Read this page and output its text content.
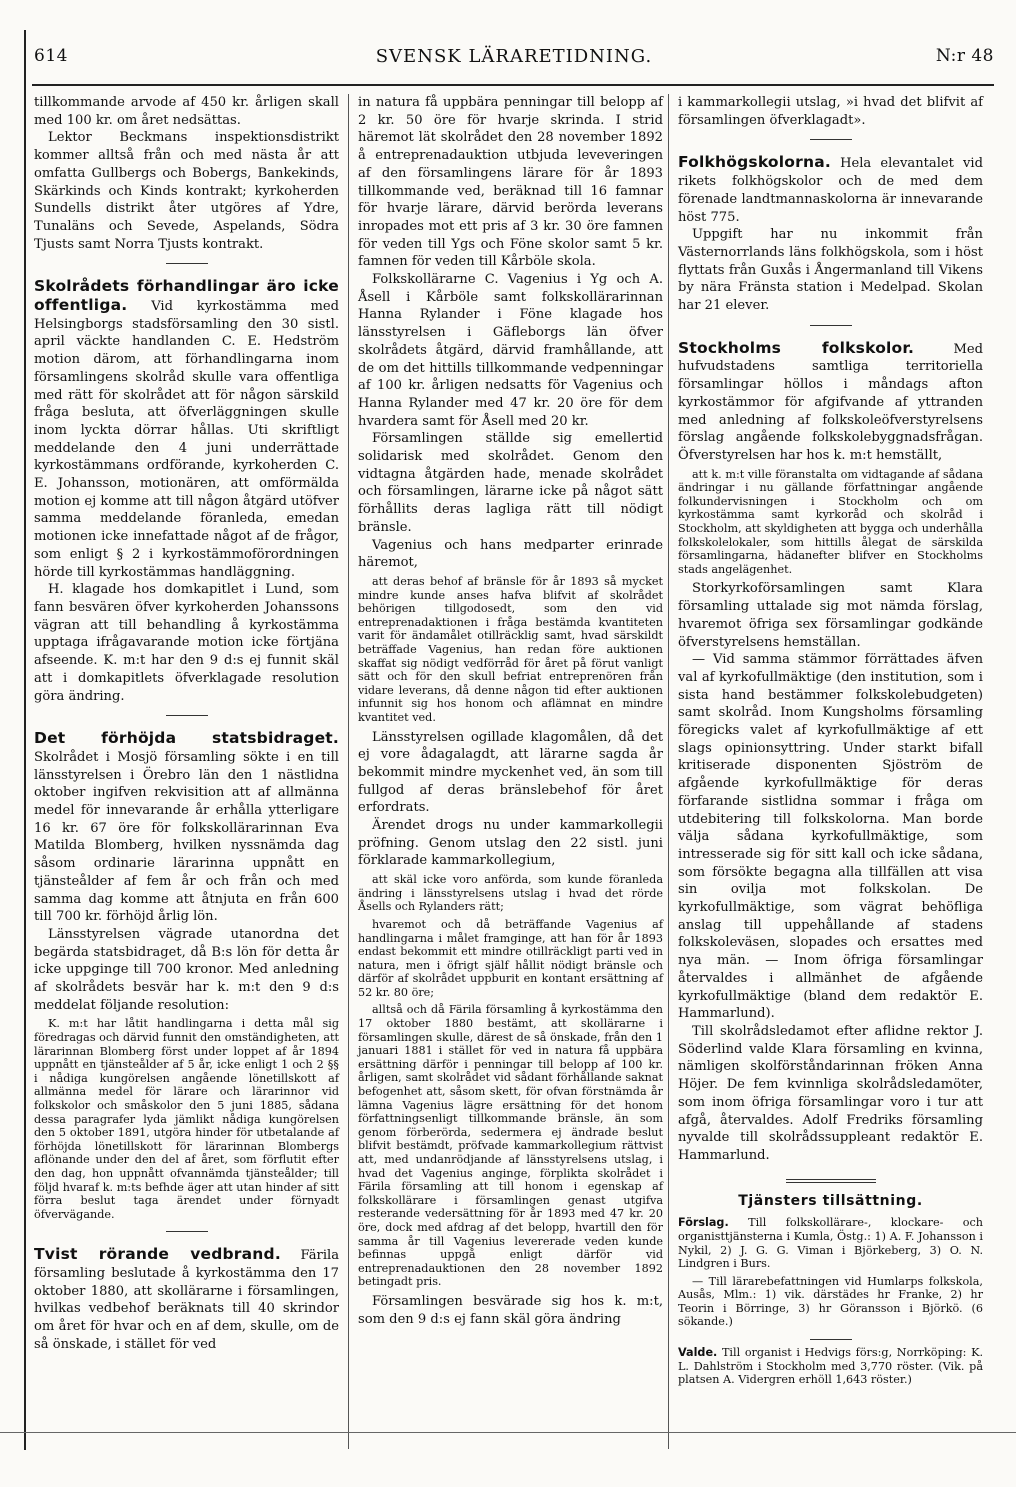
614	SVENSK LÄRARETIDNING.	N:r 48

tillkommande arvode af 450 kr. årligen skall med 100 kr. om året nedsättas.

Lektor Beckmans inspektionsdistrikt kommer alltså från och med nästa år att omfatta Gullbergs och Bobergs, Bankekinds, Skärkinds och Kinds kontrakt; kyrkoherden Sundells distrikt åter utgöres af Ydre, Tunaläns och Sevede, Aspelands, Södra Tjusts samt Norra Tjusts kontrakt.

Skolrådets förhandlingar äro icke offentliga. Vid kyrkostämma med Helsingborgs stadsförsamling den 30 sistl. april väckte handlanden C. E. Hedström motion därom, att förhandlingarna inom församlingens skolråd skulle vara offentliga med rätt för skolrådet att för någon särskild fråga besluta, att öfverläggningen skulle inom lyckta dörrar hållas. Uti skriftligt meddelande den 4 juni underrättade kyrkostämmans ordförande, kyrkoherden C. E. Johansson, motionären, att omförmälda motion ej komme att till någon åtgärd utöfver samma meddelande föranleda, emedan motionen icke innefattade något af de frågor, som enligt § 2 i kyrkostämmoförordningen hörde till kyrkostämmas handläggning.

H. klagade hos domkapitlet i Lund, som fann besvären öfver kyrkoherden Johanssons vägran att till behandling å kyrkostämma upptaga ifrågavarande motion icke förtjäna afseende. K. m:t har den 9 d:s ej funnit skäl att i domkapitlets öfverklagade resolution göra ändring.

Det förhöjda statsbidraget. Skolrådet i Mosjö församling sökte i en till länsstyrelsen i Örebro län den 1 nästlidna oktober ingifven rekvisition att af allmänna medel för innevarande år erhålla ytterligare 16 kr. 67 öre för folkskollärarinnan Eva Matilda Blomberg, hvilken nyssnämda dag såsom ordinarie lärarinna uppnått en tjänsteålder af fem år och från och med samma dag komme att åtnjuta en från 600 till 700 kr. förhöjd årlig lön.

Länsstyrelsen vägrade utanordna det begärda statsbidraget, då B:s lön för detta år icke uppginge till 700 kronor. Med anledning af skolrådets besvär har k. m:t den 9 d:s meddelat följande resolution:

K. m:t har låtit handlingarna i detta mål sig föredragas och därvid funnit den omständigheten, att lärarinnan Blomberg först under loppet af år 1894 uppnått en tjänsteålder af 5 år, icke enligt 1 och 2 §§ i nådiga kungörelsen angående lönetillskott af allmänna medel för lärare och lärarinnor vid folkskolor och småskolor den 5 juni 1885, sådana dessa paragrafer lyda jämlikt nådiga kungörelsen den 5 oktober 1891, utgöra hinder för utbetalande af förhöjda lönetillskott för lärarinnan Blombergs aflönande under den del af året, som förflutit efter den dag, hon uppnått ofvannämda tjänsteålder; till följd hvaraf k. m:ts befhde äger att utan hinder af sitt förra beslut taga ärendet under förnyadt öfvervägande.

Tvist rörande vedbrand. Färila församling beslutade å kyrkostämma den 17 oktober 1880, att skollärarne i församlingen, hvilkas vedbehof beräknats till 40 skrindor om året för hvar och en af dem, skulle, om de så önskade, i stället för ved

in natura få uppbära penningar till belopp af 2 kr. 50 öre för hvarje skrinda. I strid häremot lät skolrådet den 28 november 1892 å entreprenadauktion utbjuda leveveringen af den församlingens lärare för år 1893 tillkommande ved, beräknad till 16 famnar för hvarje lärare, därvid berörda leverans inropades mot ett pris af 3 kr. 30 öre famnen för veden till Ygs och Föne skolor samt 5 kr. famnen för veden till Kårböle skola.

Folkskollärarne C. Vagenius i Yg och A. Åsell i Kårböle samt folkskollärarinnan Hanna Rylander i Föne klagade hos länsstyrelsen i Gäfleborgs län öfver skolrådets åtgärd, därvid framhållande, att de om det hittills tillkommande vedpenningar af 100 kr. årligen nedsatts för Vagenius och Hanna Rylander med 47 kr. 20 öre för dem hvardera samt för Åsell med 20 kr.

Församlingen ställde sig emellertid solidarisk med skolrådet. Genom den vidtagna åtgärden hade, menade skolrådet och församlingen, lärarne icke på något sätt förhållits deras lagliga rätt till nödigt bränsle.

Vagenius och hans medparter erinrade häremot,

att deras behof af bränsle för år 1893 så mycket mindre kunde anses hafva blifvit af skolrådet behörigen tillgodosedt, som den vid entreprenadaktionen i fråga bestämda kvantiteten varit för ändamålet otillräcklig samt, hvad särskildt beträffade Vagenius, han redan före auktionen skaffat sig nödigt vedförråd för året på förut vanligt sätt och för den skull befriat entreprenören från vidare leverans, då denne någon tid efter auktionen infunnit sig hos honom och aflämnat en mindre kvantitet ved.

Länsstyrelsen ogillade klagomålen, då det ej vore ådagalagdt, att lärarne sagda år bekommit mindre myckenhet ved, än som till fullgod af deras bränslebehof för året erfordrats.

Ärendet drogs nu under kammarkollegii pröfning. Genom utslag den 22 sistl. juni förklarade kammarkollegium,

att skäl icke voro anförda, som kunde föranleda ändring i länsstyrelsens utslag i hvad det rörde Åsells och Rylanders rätt;

hvaremot och då beträffande Vagenius af handlingarna i målet framginge, att han för år 1893 endast bekommit ett mindre otillräckligt parti ved in natura, men i öfrigt själf hållit nödigt bränsle och därför af skolrådet uppburit en kontant ersättning af 52 kr. 80 öre;

alltså och då Färila församling å kyrkostämma den 17 oktober 1880 bestämt, att skollärarne i församlingen skulle, därest de så önskade, från den 1 januari 1881 i stället för ved in natura få uppbära ersättning därför i penningar till belopp af 100 kr. årligen, samt skolrådet vid sådant förhållande saknat befogenhet att, såsom skett, för ofvan förstnämda år lämna Vagenius lägre ersättning för det honom författningsenligt tillkommande bränsle, än som genom förberörda, sedermera ej ändrade beslut blifvit bestämdt, pröfvade kammarkollegium rättvist att, med undanrödjande af länsstyrelsens utslag, i hvad det Vagenius anginge, förplikta skolrådet i Färila församling att till honom i egenskap af folkskollärare i församlingen genast utgifva resterande vedersättning för år 1893 med 47 kr. 20 öre, dock med afdrag af det belopp, hvartill den för samma år till Vagenius levererade veden kunde befinnas uppgå enligt därför vid entreprenadauktionen den 28 november 1892 betingadt pris.

Församlingen besvärade sig hos k. m:t, som den 9 d:s ej fann skäl göra ändring

i kammarkollegii utslag, »i hvad det blifvit af församlingen öfverklagadt».

Folkhögskolorna. Hela elevantalet vid rikets folkhögskolor och de med dem förenade landtmannaskolorna är innevarande höst 775.

Uppgift har nu inkommit från Västernorrlands läns folkhögskola, som i höst flyttats från Guxås i Ångermanland till Vikens by nära Fränsta station i Medelpad. Skolan har 21 elever.

Stockholms folkskolor. Med hufvudstadens samtliga territoriella församlingar höllos i måndags afton kyrkostämmor för afgifvande af yttranden med anledning af folkskoleöfverstyrelsens förslag angående folkskolebyggnadsfrågan. Öfverstyrelsen har hos k. m:t hemställt,

att k. m:t ville föranstalta om vidtagande af sådana ändringar i nu gällande författningar angående folkundervisningen i Stockholm och om kyrkostämma samt kyrkoråd och skolråd i Stockholm, att skyldigheten att bygga och underhålla folkskolelokaler, som hittills ålegat de särskilda församlingarna, hädanefter blifver en Stockholms stads angelägenhet.

Storkyrkoförsamlingen samt Klara församling uttalade sig mot nämda förslag, hvaremot öfriga sex församlingar godkände öfverstyrelsens hemställan.

— Vid samma stämmor förrättades äfven val af kyrkofullmäktige (den institution, som i sista hand bestämmer folkskolebudgeten) samt skolråd. Inom Kungsholms församling föregicks valet af kyrkofullmäktige af ett slags opinionsyttring. Under starkt bifall kritiserade disponenten Sjöström de afgående kyrkofullmäktige för deras förfarande sistlidna sommar i fråga om utdebitering till folkskolorna. Man borde välja sådana kyrkofullmäktige, som intresserade sig för sitt kall och icke sådana, som försökte begagna alla tillfällen att visa sin ovilja mot folkskolan. De kyrkofullmäktige, som vägrat behöfliga anslag till uppehållande af stadens folkskoleväsen, slopades och ersattes med nya män. — Inom öfriga församlingar återvaldes i allmänhet de afgående kyrkofullmäktige (bland dem redaktör E. Hammarlund).

Till skolrådsledamot efter aflidne rektor J. Söderlind valde Klara församling en kvinna, nämligen skolförståndarinnan fröken Anna Höjer. De fem kvinnliga skolrådsledamöter, som inom öfriga församlingar voro i tur att afgå, återvaldes. Adolf Fredriks församling nyvalde till skolrådssuppleant redaktör E. Hammarlund.

Tjänsters tillsättning.

Förslag. Till folkskollärare-, klockare- och organisttjänsterna i Kumla, Östg.: 1) A. F. Johansson i Nykil, 2) J. G. G. Viman i Björkeberg, 3) O. N. Lindgren i Burs.

— Till lärarebefattningen vid Humlarps folkskola, Ausås, Mlm.: 1) vik. därstädes hr Franke, 2) hr Teorin i Börringe, 3) hr Göransson i Björkö. (6 sökande.)

Valde. Till organist i Hedvigs förs:g, Norrköping: K. L. Dahlström i Stockholm med 3,770 röster. (Vik. på platsen A. Vidergren erhöll 1,643 röster.)
